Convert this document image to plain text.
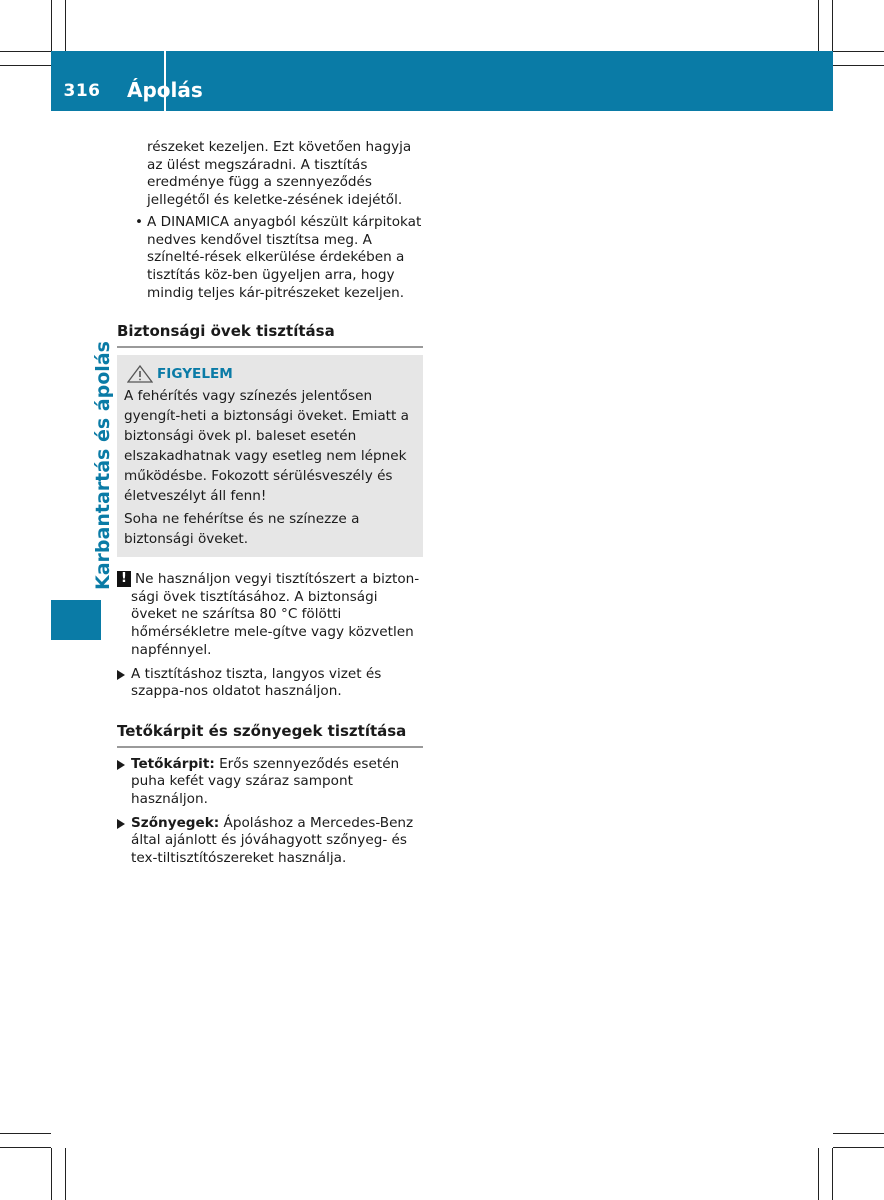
316	Ápolás
Karbantartás és ápolás

részeket kezeljen. Ezt követően hagyja az ülést megszáradni. A tisztítás eredménye függ a szennyeződés jellegétől és keletke-zésének idejétől.

• A DINAMICA anyagból készült kárpitokat nedves kendővel tisztítsa meg. A színelté-rések elkerülése érdekében a tisztítás köz-ben ügyeljen arra, hogy mindig teljes kár-pitrészeket kezeljen.
Biztonsági övek tisztítása
FIGYELEM

A fehérítés vagy színezés jelentősen gyengít-heti a biztonsági öveket. Emiatt a biztonsági övek pl. baleset esetén elszakadhatnak vagy esetleg nem lépnek működésbe. Fokozott sérülésveszély és életveszélyt áll fenn!

Soha ne fehérítse és ne színezze a biztonsági öveket.

! Ne használjon vegyi tisztítószert a bizton-sági övek tisztításához. A biztonsági öveket ne szárítsa 80 °C fölötti hőmérsékletre mele-gítve vagy közvetlen napfénnyel.
A tisztításhoz tiszta, langyos vizet és szappa-nos oldatot használjon.
Tetőkárpit és szőnyegek tisztítása
Tetőkárpit: Erős szennyeződés esetén puha kefét vagy száraz sampont használjon.
Szőnyegek: Ápoláshoz a Mercedes-Benz által ajánlott és jóváhagyott szőnyeg- és tex-tiltisztítószereket használja.
